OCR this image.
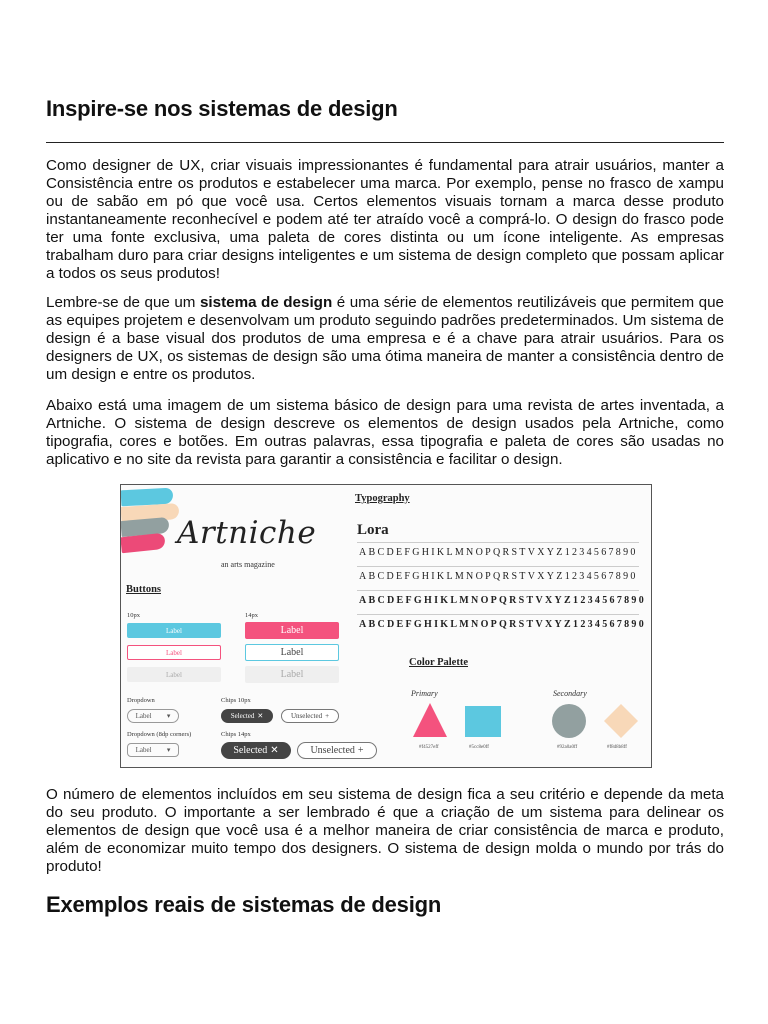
Inspire-se nos sistemas de design

Como designer de UX, criar visuais impressionantes é fundamental para atrair usuários, manter a Consistência entre os produtos e estabelecer uma marca. Por exemplo, pense no frasco de xampu ou de sabão em pó que você usa. Certos elementos visuais tornam a marca desse produto instantaneamente reconhecível e podem até ter atraído você a comprá-lo. O design do frasco pode ter uma fonte exclusiva, uma paleta de cores distinta ou um ícone inteligente. As empresas trabalham duro para criar designs inteligentes e um sistema de design completo que possam aplicar a todos os seus produtos!

Lembre-se de que um sistema de design é uma série de elementos reutilizáveis que permitem que as equipes projetem e desenvolvam um produto seguindo padrões predeterminados. Um sistema de design é a base visual dos produtos de uma empresa e é a chave para atrair usuários. Para os designers de UX, os sistemas de design são uma ótima maneira de manter a consistência dentro de um design e entre os produtos.

Abaixo está uma imagem de um sistema básico de design para uma revista de artes inventada, a Artniche. O sistema de design descreve os elementos de design usados pela Artniche, como tipografia, cores e botões. Em outras palavras, essa tipografia e paleta de cores são usadas no aplicativo e no site da revista para garantir a consistência e facilitar o design.

O número de elementos incluídos em seu sistema de design fica a seu critério e depende da meta do seu produto. O importante a ser lembrado é que a criação de um sistema para delinear os elementos de design que você usa é a melhor maneira de criar consistência de marca e produto, além de economizar muito tempo dos designers. O sistema de design molda o mundo por trás do produto!

Exemplos reais de sistemas de design
Artniche
an arts magazine
Buttons
10px	14px
Label	Label
Label	Label
Label	Label
Dropdown	Chips 10px
Label ▾	Selected ✕	Unselected +
Dropdown (8dp corners)	Chips 14px
Label ▾	Selected ✕	Unselected +
Typography
Lora
ABCDEFGHIKLMNOPQRSTVXYZ1234567890
ABCDEFGHIKLMNOPQRSTVXYZ1234567890
ABCDEFGHIKLMNOPQRSTVXYZ1234567890
ABCDEFGHIKLMNOPQRSTVXYZ1234567890
Color Palette
Primary	Secondary
#f4527eff	#5cc8e0ff	#92a0a0ff	#f8d8b8ff
